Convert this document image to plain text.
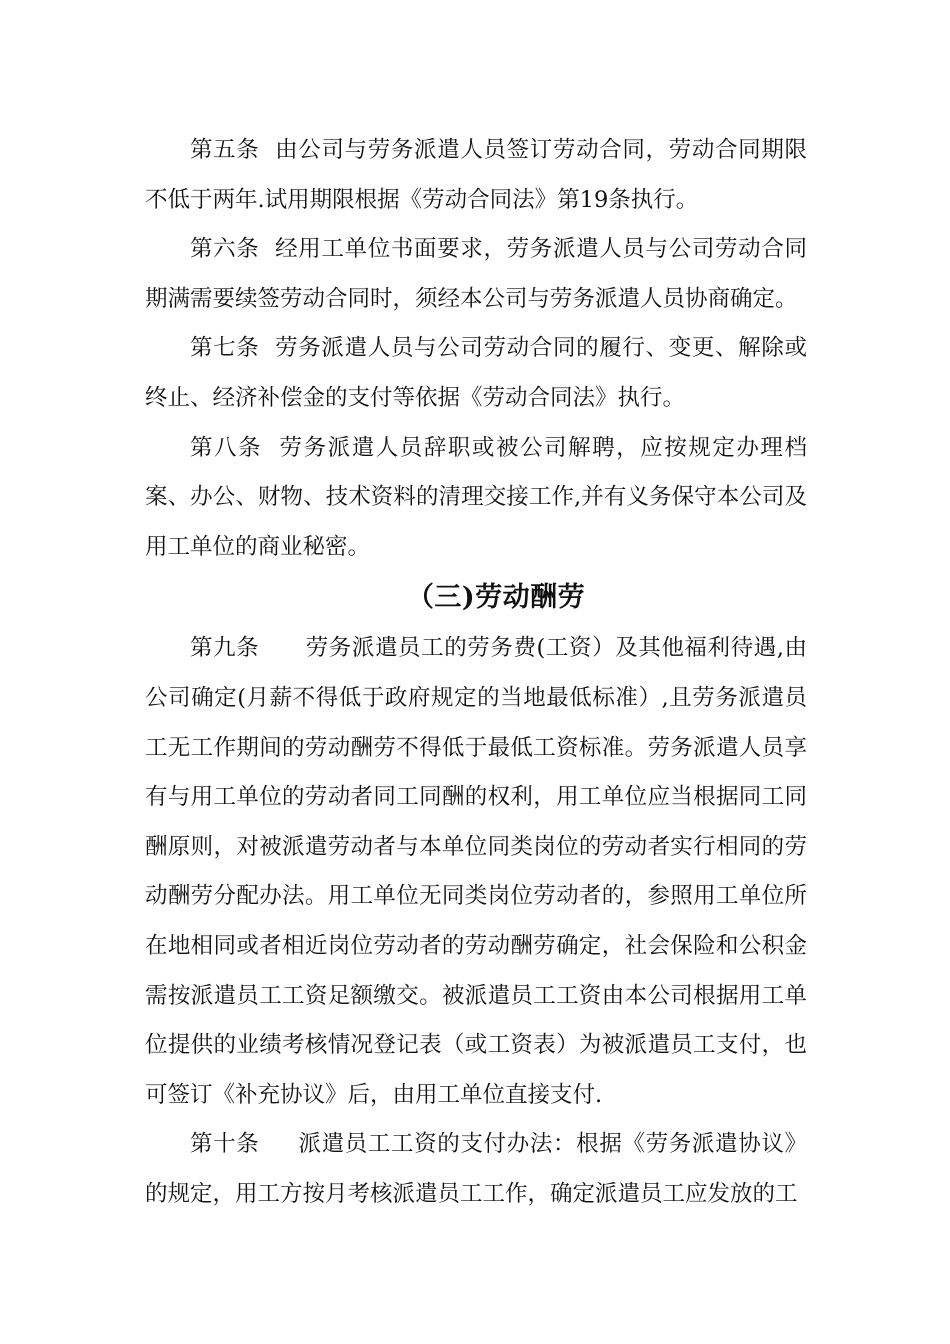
第五条 由公司与劳务派遣人员签订劳动合同，劳动合同期限不低于两年.试用期限根据《劳动合同法》第19条执行。

第六条 经用工单位书面要求，劳务派遣人员与公司劳动合同期满需要续签劳动合同时，须经本公司与劳务派遣人员协商确定。

第七条 劳务派遣人员与公司劳动合同的履行、变更、解除或终止、经济补偿金的支付等依据《劳动合同法》执行。

第八条 劳务派遣人员辞职或被公司解聘，应按规定办理档案、办公、财物、技术资料的清理交接工作,并有义务保守本公司及用工单位的商业秘密。

（三)劳动酬劳

第九条 劳务派遣员工的劳务费(工资）及其他福利待遇,由公司确定(月薪不得低于政府规定的当地最低标准）,且劳务派遣员工无工作期间的劳动酬劳不得低于最低工资标准。劳务派遣人员享有与用工单位的劳动者同工同酬的权利，用工单位应当根据同工同酬原则，对被派遣劳动者与本单位同类岗位的劳动者实行相同的劳动酬劳分配办法。用工单位无同类岗位劳动者的，参照用工单位所在地相同或者相近岗位劳动者的劳动酬劳确定，社会保险和公积金需按派遣员工工资足额缴交。被派遣员工工资由本公司根据用工单位提供的业绩考核情况登记表（或工资表）为被派遣员工支付，也可签订《补充协议》后，由用工单位直接支付.

第十条 派遣员工工资的支付办法：根据《劳务派遣协议》的规定，用工方按月考核派遣员工工作，确定派遣员工应发放的工
